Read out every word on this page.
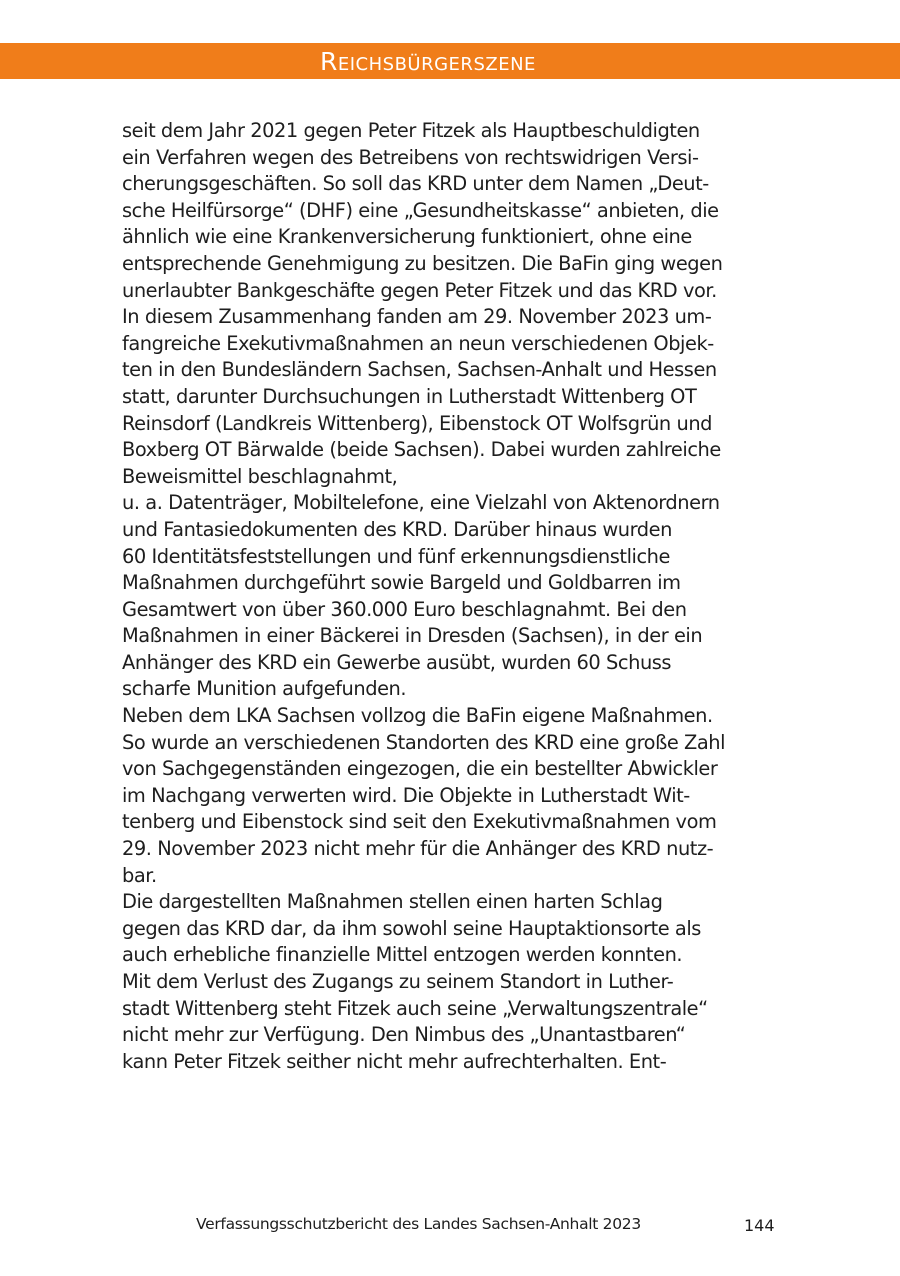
Reichsbürgerszene
seit dem Jahr 2021 gegen Peter Fitzek als Hauptbeschuldigten
ein Verfahren wegen des Betreibens von rechtswidrigen Versi-
cherungsgeschäften. So soll das KRD unter dem Namen „Deut-
sche Heilfürsorge“ (DHF) eine „Gesundheitskasse“ anbieten, die
ähnlich wie eine Krankenversicherung funktioniert, ohne eine
entsprechende Genehmigung zu besitzen. Die BaFin ging wegen
unerlaubter Bankgeschäfte gegen Peter Fitzek und das KRD vor.
In diesem Zusammenhang fanden am 29. November 2023 um-
fangreiche Exekutivmaßnahmen an neun verschiedenen Objek-
ten in den Bundesländern Sachsen, Sachsen-Anhalt und Hessen
statt, darunter Durchsuchungen in Lutherstadt Wittenberg OT
Reinsdorf (Landkreis Wittenberg), Eibenstock OT Wolfsgrün und
Boxberg OT Bärwalde (beide Sachsen). Dabei wurden zahlreiche
Beweismittel beschlagnahmt,
u. a. Datenträger, Mobiltelefone, eine Vielzahl von Aktenordnern
und Fantasiedokumenten des KRD. Darüber hinaus wurden
60 Identitätsfeststellungen und fünf erkennungsdienstliche
Maßnahmen durchgeführt sowie Bargeld und Goldbarren im
Gesamtwert von über 360.000 Euro beschlagnahmt. Bei den
Maßnahmen in einer Bäckerei in Dresden (Sachsen), in der ein
Anhänger des KRD ein Gewerbe ausübt, wurden 60 Schuss
scharfe Munition aufgefunden.
Neben dem LKA Sachsen vollzog die BaFin eigene Maßnahmen.
So wurde an verschiedenen Standorten des KRD eine große Zahl
von Sachgegenständen eingezogen, die ein bestellter Abwickler
im Nachgang verwerten wird. Die Objekte in Lutherstadt Wit-
tenberg und Eibenstock sind seit den Exekutivmaßnahmen vom
29. November 2023 nicht mehr für die Anhänger des KRD nutz-
bar.
Die dargestellten Maßnahmen stellen einen harten Schlag
gegen das KRD dar, da ihm sowohl seine Hauptaktionsorte als
auch erhebliche finanzielle Mittel entzogen werden konnten.
Mit dem Verlust des Zugangs zu seinem Standort in Luther-
stadt Wittenberg steht Fitzek auch seine „Verwaltungszentrale“
nicht mehr zur Verfügung. Den Nimbus des „Unantastbaren“
kann Peter Fitzek seither nicht mehr aufrechterhalten. Ent-
Verfassungsschutzbericht des Landes Sachsen-Anhalt 2023	144
